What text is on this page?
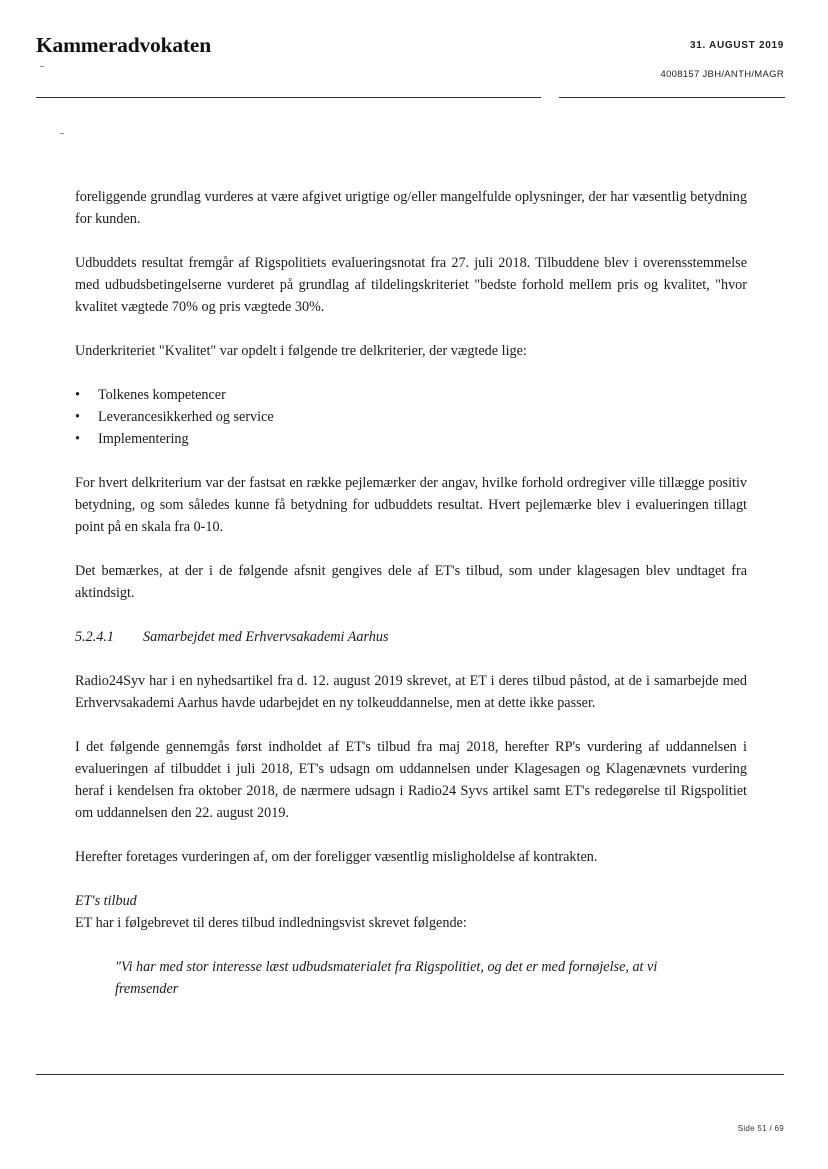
Kammeradvokaten	31. AUGUST 2019
4008157 JBH/ANTH/MAGR

foreliggende grundlag vurderes at være afgivet urigtige og/eller mangelfulde oplysninger, der har væsentlig betydning for kunden.

Udbuddets resultat fremgår af Rigspolitiets evalueringsnotat fra 27. juli 2018. Tilbuddene blev i overensstemmelse med udbudsbetingelserne vurderet på grundlag af tildelingskriteriet "bedste forhold mellem pris og kvalitet, "hvor kvalitet vægtede 70% og pris vægtede 30%.

Underkriteriet "Kvalitet" var opdelt i følgende tre delkriterier, der vægtede lige:

• Tolkenes kompetencer
• Leverancesikkerhed og service
• Implementering

For hvert delkriterium var der fastsat en række pejlemærker der angav, hvilke forhold ordregiver ville tillægge positiv betydning, og som således kunne få betydning for udbuddets resultat. Hvert pejlemærke blev i evalueringen tillagt point på en skala fra 0-10.

Det bemærkes, at der i de følgende afsnit gengives dele af ET's tilbud, som under klagesagen blev undtaget fra aktindsigt.

5.2.4.1 Samarbejdet med Erhvervsakademi Aarhus

Radio24Syv har i en nyhedsartikel fra d. 12. august 2019 skrevet, at ET i deres tilbud påstod, at de i samarbejde med Erhvervsakademi Aarhus havde udarbejdet en ny tolkeuddannelse, men at dette ikke passer.

I det følgende gennemgås først indholdet af ET's tilbud fra maj 2018, herefter RP's vurdering af uddannelsen i evalueringen af tilbuddet i juli 2018, ET's udsagn om uddannelsen under Klagesagen og Klagenævnets vurdering heraf i kendelsen fra oktober 2018, de nærmere udsagn i Radio24 Syvs artikel samt ET's redegørelse til Rigspolitiet om uddannelsen den 22. august 2019.

Herefter foretages vurderingen af, om der foreligger væsentlig misligholdelse af kontrakten.

ET's tilbud

ET har i følgebrevet til deres tilbud indledningsvist skrevet følgende:

"Vi har med stor interesse læst udbudsmaterialet fra Rigspolitiet, og det er med fornøjelse, at vi fremsender

Side 51 / 69
